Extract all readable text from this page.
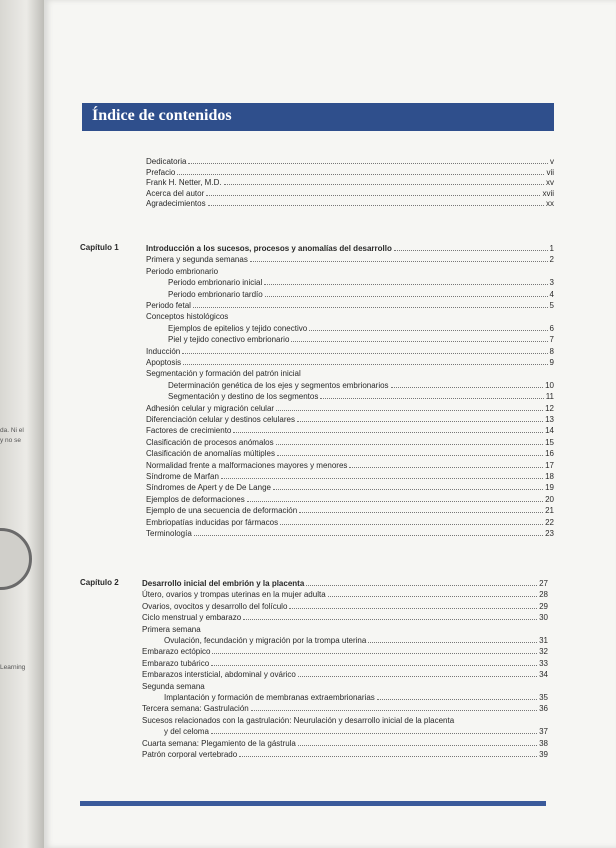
da. Ni el
y no se
Learning
Índice de contenidos
Dedicatoria	v
Prefacio	vii
Frank H. Netter, M.D.	xv
Acerca del autor	xvii
Agradecimientos	xx
Capítulo 1	Introducción a los sucesos, procesos y anomalías del desarrollo	1
Primera y segunda semanas	2
Periodo embrionario
Periodo embrionario inicial	3
Periodo embrionario tardío	4
Periodo fetal	5
Conceptos histológicos
Ejemplos de epitelios y tejido conectivo	6
Piel y tejido conectivo embrionario	7
Inducción	8
Apoptosis	9
Segmentación y formación del patrón inicial
Determinación genética de los ejes y segmentos embrionarios	10
Segmentación y destino de los segmentos	11
Adhesión celular y migración celular	12
Diferenciación celular y destinos celulares	13
Factores de crecimiento	14
Clasificación de procesos anómalos	15
Clasificación de anomalías múltiples	16
Normalidad frente a malformaciones mayores y menores	17
Síndrome de Marfan	18
Síndromes de Apert y de De Lange	19
Ejemplos de deformaciones	20
Ejemplo de una secuencia de deformación	21
Embriopatías inducidas por fármacos	22
Terminología	23
Capítulo 2	Desarrollo inicial del embrión y la placenta	27
Útero, ovarios y trompas uterinas en la mujer adulta	28
Ovarios, ovocitos y desarrollo del folículo	29
Ciclo menstrual y embarazo	30
Primera semana
Ovulación, fecundación y migración por la trompa uterina	31
Embarazo ectópico	32
Embarazo tubárico	33
Embarazos intersticial, abdominal y ovárico	34
Segunda semana
Implantación y formación de membranas extraembrionarias	35
Tercera semana: Gastrulación	36
Sucesos relacionados con la gastrulación: Neurulación y desarrollo inicial de la placenta
y del celoma	37
Cuarta semana: Plegamiento de la gástrula	38
Patrón corporal vertebrado	39
